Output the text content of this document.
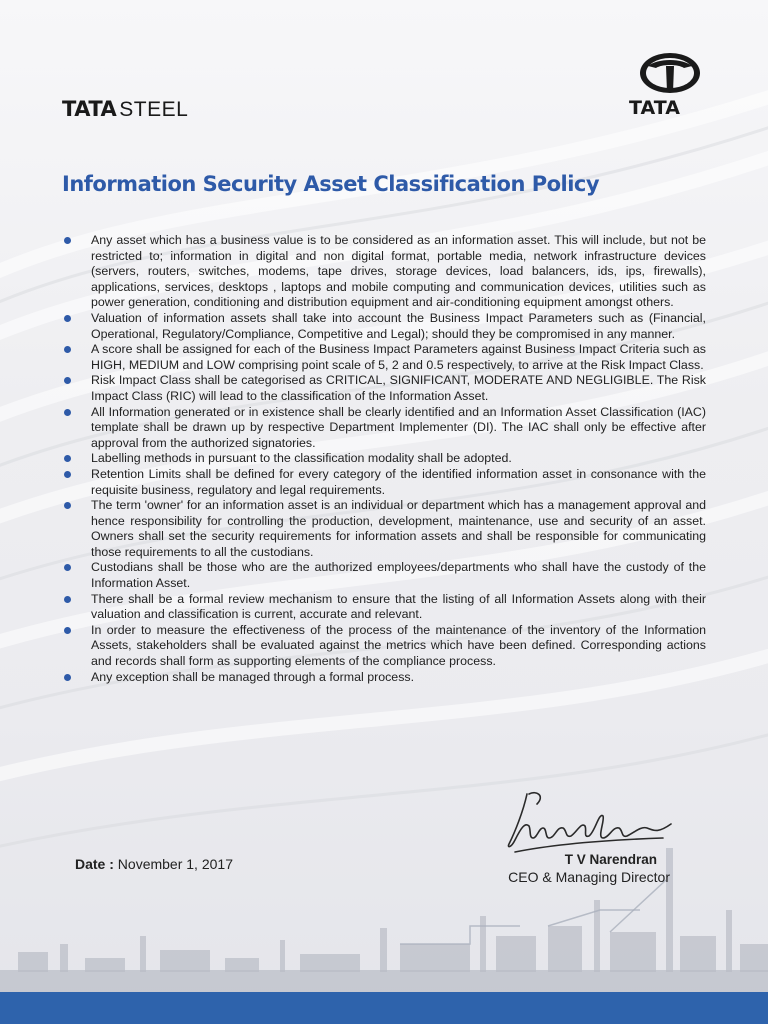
TATA STEEL	TATA
Information Security Asset Classification Policy
Any asset which has a business value is to be considered as an information asset. This will include, but not be restricted to; information in digital and non digital format, portable media, network infrastructure devices (servers, routers, switches, modems, tape drives, storage devices, load balancers, ids, ips, firewalls), applications, services, desktops , laptops and mobile computing and communication devices, utilities such as power generation, conditioning and distribution equipment and air-conditioning equipment amongst others.
Valuation of information assets shall take into account the Business Impact Parameters such as (Financial, Operational, Regulatory/Compliance, Competitive and Legal); should they be compromised in any manner.
A score shall be assigned for each of the Business Impact Parameters against Business Impact Criteria such as HIGH, MEDIUM and LOW comprising point scale of 5, 2 and 0.5 respectively, to arrive at the Risk Impact Class.
Risk Impact Class shall be categorised as CRITICAL, SIGNIFICANT, MODERATE AND NEGLIGIBLE. The Risk Impact Class (RIC) will lead to the classification of the Information Asset.
All Information generated or in existence shall be clearly identified and an Information Asset Classification (IAC) template shall be drawn up by respective Department Implementer (DI). The IAC shall only be effective after approval from the authorized signatories.
Labelling methods in pursuant to the classification modality shall be adopted.
Retention Limits shall be defined for every category of the identified information asset in consonance with the requisite business, regulatory and legal requirements.
The term 'owner' for an information asset is an individual or department which has a management approval and hence responsibility for controlling the production, development, maintenance, use and security of an asset. Owners shall set the security requirements for information assets and shall be responsible for communicating those requirements to all the custodians.
Custodians shall be those who are the authorized employees/departments who shall have the custody of the Information Asset.
There shall be a formal review mechanism to ensure that the listing of all Information Assets along with their valuation and classification is current, accurate and relevant.
In order to measure the effectiveness of the process of the maintenance of the inventory of the Information Assets, stakeholders shall be evaluated against the metrics which have been defined. Corresponding actions and records shall form as supporting elements of the compliance process.
Any exception shall be managed through a formal process.
Date : November 1, 2017	T V Narendran
CEO & Managing Director
